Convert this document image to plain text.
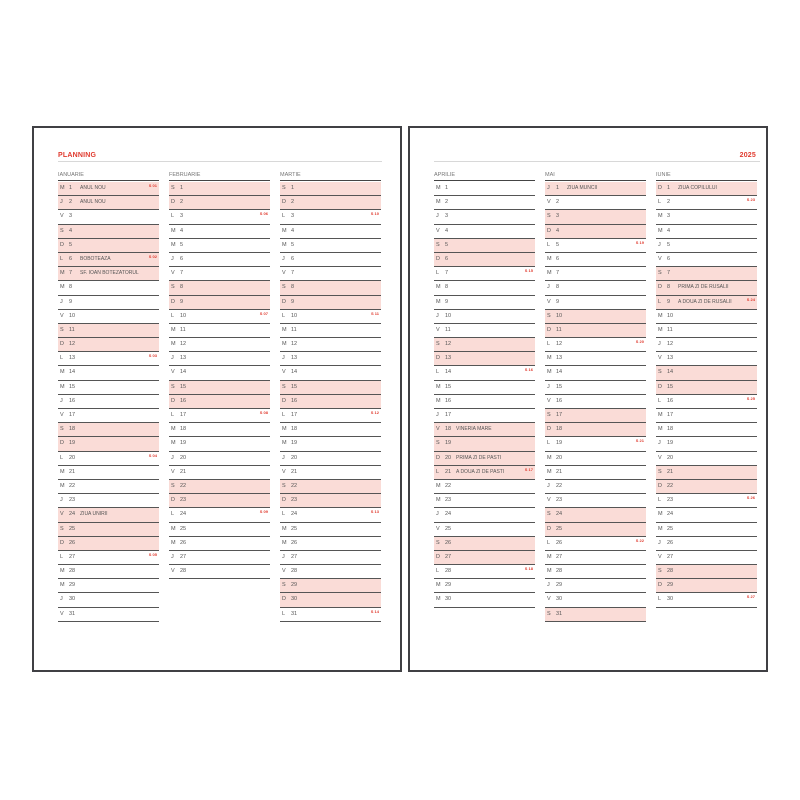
PLANNING
IANUARIE
M 1 ANUL NOU	S 01
J 2 ANUL NOU
V 3
S 4
D 5
L 6 BOBOTEAZA	S 02
M 7 SF. IOAN BOTEZATORUL
M 8
J 9
V 10
S 11
D 12
L 13	S 03
M 14
M 15
J 16
V 17
S 18
D 19
L 20	S 04
M 21
M 22
J 23
V 24 ZIUA UNIRII
S 25
D 26
L 27	S 05
M 28
M 29
J 30
V 31
FEBRUARIE
S 1
D 2
L 3	S 06
M 4
M 5
J 6
V 7
S 8
D 9
L 10	S 07
M 11
M 12
J 13
V 14
S 15
D 16
L 17	S 08
M 18
M 19
J 20
V 21
S 22
D 23
L 24	S 09
M 25
M 26
J 27
V 28
MARTIE
S 1
D 2
L 3	S 10
M 4
M 5
J 6
V 7
S 8
D 9
L 10	S 11
M 11
M 12
J 13
V 14
S 15
D 16
L 17	S 12
M 18
M 19
J 20
V 21
S 22
D 23
L 24	S 13
M 25
M 26
J 27
V 28
S 29
D 30
L 31	S 14
2025
APRILIE
M 1
M 2
J 3
V 4
S 5
D 6
L 7	S 15
M 8
M 9
J 10
V 11
S 12
D 13
L 14	S 16
M 15
M 16
J 17
V 18 VINERIA MARE
S 19
D 20 PRIMA ZI DE PASTI
L 21 A DOUA ZI DE PASTI	S 17
M 22
M 23
J 24
V 25
S 26
D 27
L 28	S 18
M 29
M 30
MAI
J 1 ZIUA MUNCII
V 2
S 3
D 4
L 5	S 19
M 6
M 7
J 8
V 9
S 10
D 11
L 12	S 20
M 13
M 14
J 15
V 16
S 17
D 18
L 19	S 21
M 20
M 21
J 22
V 23
S 24
D 25
L 26	S 22
M 27
M 28
J 29
V 30
S 31
IUNIE
D 1 ZIUA COPILULUI
L 2	S 23
M 3
M 4
J 5
V 6
S 7
D 8 PRIMA ZI DE RUSALII
L 9 A DOUA ZI DE RUSALII	S 24
M 10
M 11
J 12
V 13
S 14
D 15
L 16	S 25
M 17
M 18
J 19
V 20
S 21
D 22
L 23	S 26
M 24
M 25
J 26
V 27
S 28
D 29
L 30	S 27
